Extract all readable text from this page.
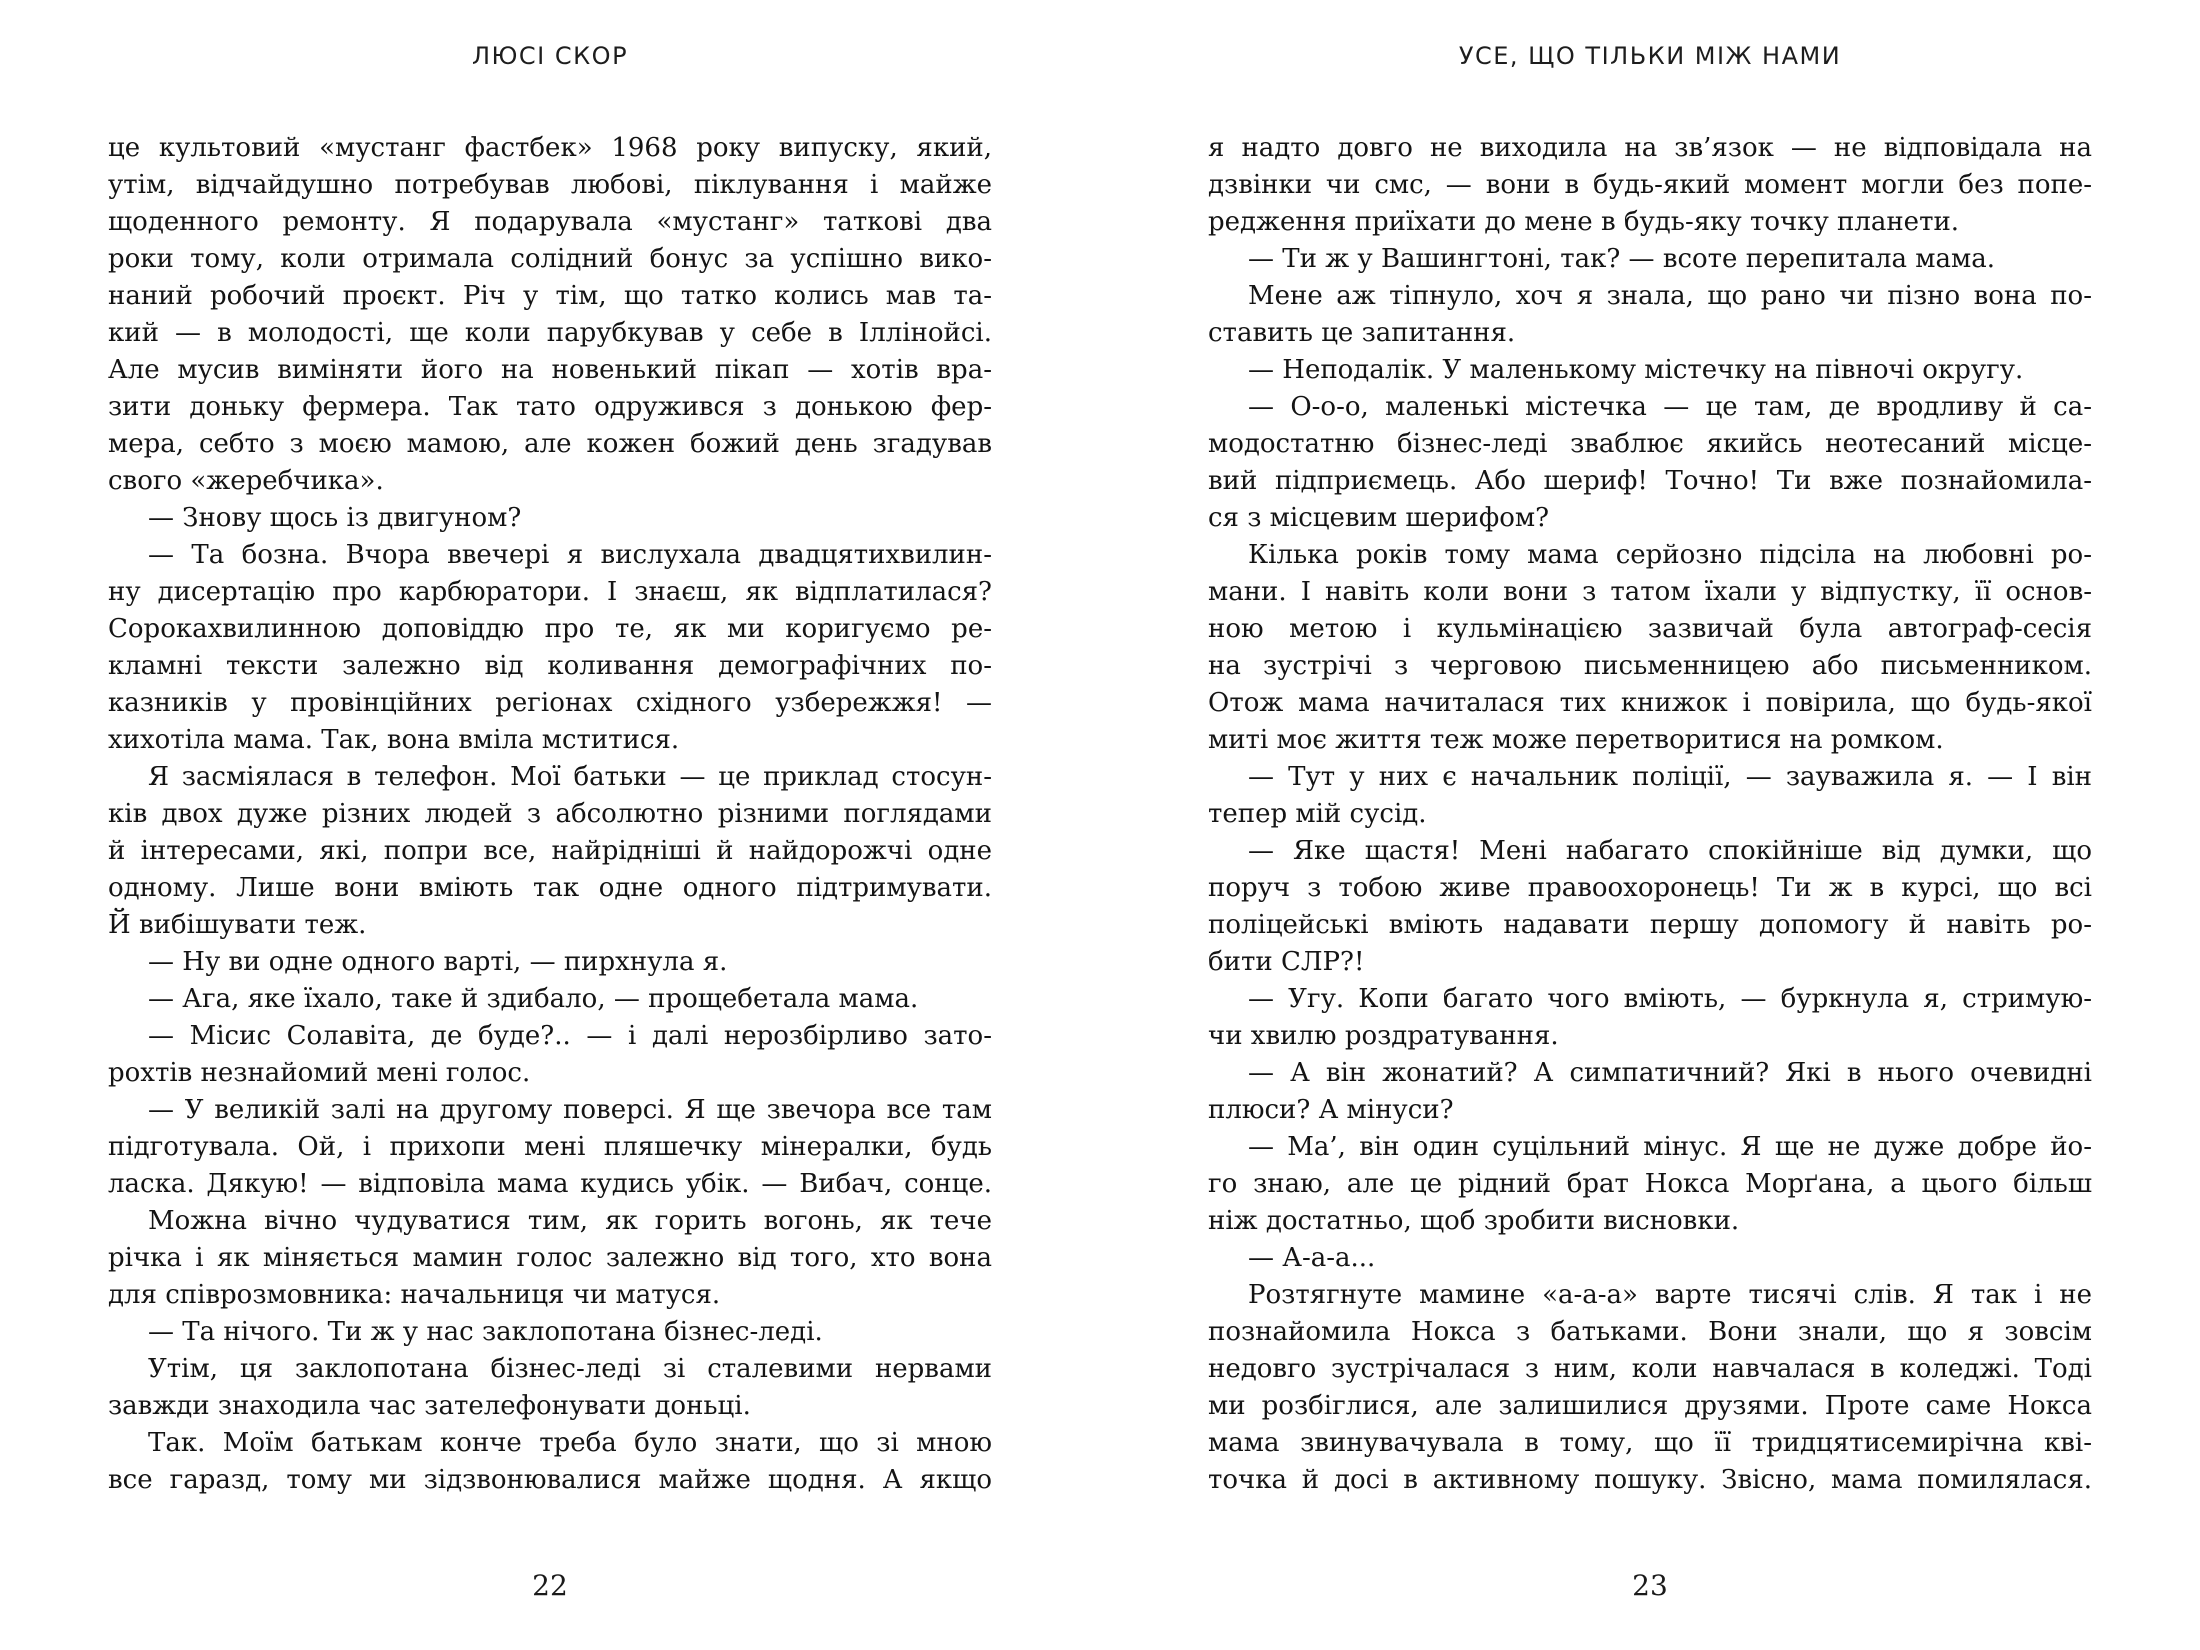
ЛЮСІ СКОР
це культовий «мустанг фастбек» 1968 року випуску, який,
утім, відчайдушно потребував любові, піклування і майже
щоденного ремонту. Я подарувала «мустанг» таткові два
роки тому, коли отримала солідний бонус за успішно вико-
наний робочий проєкт. Річ у тім, що татко колись мав та-
кий — в молодості, ще коли парубкував у себе в Іллінойсі.
Але мусив виміняти його на новенький пікап — хотів вра-
зити доньку фермера. Так тато одружився з донькою фер-
мера, себто з моєю мамою, але кожен божий день згадував
свого «жеребчика».
— Знову щось із двигуном?
— Та бозна. Вчора ввечері я вислухала двадцятихвилин-
ну дисертацію про карбюратори. І знаєш, як відплатилася?
Сорокахвилинною доповіддю про те, як ми коригуємо ре-
кламні тексти залежно від коливання демографічних по-
казників у провінційних регіонах східного узбережжя! —
хихотіла мама. Так, вона вміла мститися.
Я засміялася в телефон. Мої батьки — це приклад стосун-
ків двох дуже різних людей з абсолютно різними поглядами
й інтересами, які, попри все, найрідніші й найдорожчі одне
одному. Лише вони вміють так одне одного підтримувати.
Й вибішувати теж.
— Ну ви одне одного варті, — пирхнула я.
— Ага, яке їхало, таке й здибало, — прощебетала мама.
— Місис Солавіта, де буде?.. — і далі нерозбірливо зато-
рохтів незнайомий мені голос.
— У великій залі на другому поверсі. Я ще звечора все там
підготувала. Ой, і прихопи мені пляшечку мінералки, будь
ласка. Дякую! — відповіла мама кудись убік. — Вибач, сонце.
Можна вічно чудуватися тим, як горить вогонь, як тече
річка і як міняється мамин голос залежно від того, хто вона
для співрозмовника: начальниця чи матуся.
— Та нічого. Ти ж у нас заклопотана бізнес-леді.
Утім, ця заклопотана бізнес-леді зі сталевими нервами
завжди знаходила час зателефонувати доньці.
Так. Моїм батькам конче треба було знати, що зі мною
все гаразд, тому ми зідзвонювалися майже щодня. А якщо
22
УСЕ, ЩО ТІЛЬКИ МІЖ НАМИ
я надто довго не виходила на зв’язок — не відповідала на
дзвінки чи смс, — вони в будь-який момент могли без попе-
редження приїхати до мене в будь-яку точку планети.
— Ти ж у Вашингтоні, так? — всоте перепитала мама.
Мене аж тіпнуло, хоч я знала, що рано чи пізно вона по-
ставить це запитання.
— Неподалік. У маленькому містечку на півночі округу.
— О-о-о, маленькі містечка — це там, де вродливу й са-
модостатню бізнес-леді зваблює якийсь неотесаний місце-
вий підприємець. Або шериф! Точно! Ти вже познайомила-
ся з місцевим шерифом?
Кілька років тому мама серйозно підсіла на любовні ро-
мани. І навіть коли вони з татом їхали у відпустку, її основ-
ною метою і кульмінацією зазвичай була автограф-сесія
на зустрічі з черговою письменницею або письменником.
Отож мама начиталася тих книжок і повірила, що будь-якої
миті моє життя теж може перетворитися на ромком.
— Тут у них є начальник поліції, — зауважила я. — І він
тепер мій сусід.
— Яке щастя! Мені набагато спокійніше від думки, що
поруч з тобою живе правоохоронець! Ти ж в курсі, що всі
поліцейські вміють надавати першу допомогу й навіть ро-
бити СЛР?!
— Угу. Копи багато чого вміють, — буркнула я, стримую-
чи хвилю роздратування.
— А він жонатий? А симпатичний? Які в нього очевидні
плюси? А мінуси?
— Ма’, він один суцільний мінус. Я ще не дуже добре йо-
го знаю, але це рідний брат Нокса Морґана, а цього більш
ніж достатньо, щоб зробити висновки.
— А-а-а...
Розтягнуте мамине «а-а-а» варте тисячі слів. Я так і не
познайомила Нокса з батьками. Вони знали, що я зовсім
недовго зустрічалася з ним, коли навчалася в коледжі. Тоді
ми розбіглися, але залишилися друзями. Проте саме Нокса
мама звинувачувала в тому, що її тридцятисемирічна кві-
точка й досі в активному пошуку. Звісно, мама помилялася.
23
